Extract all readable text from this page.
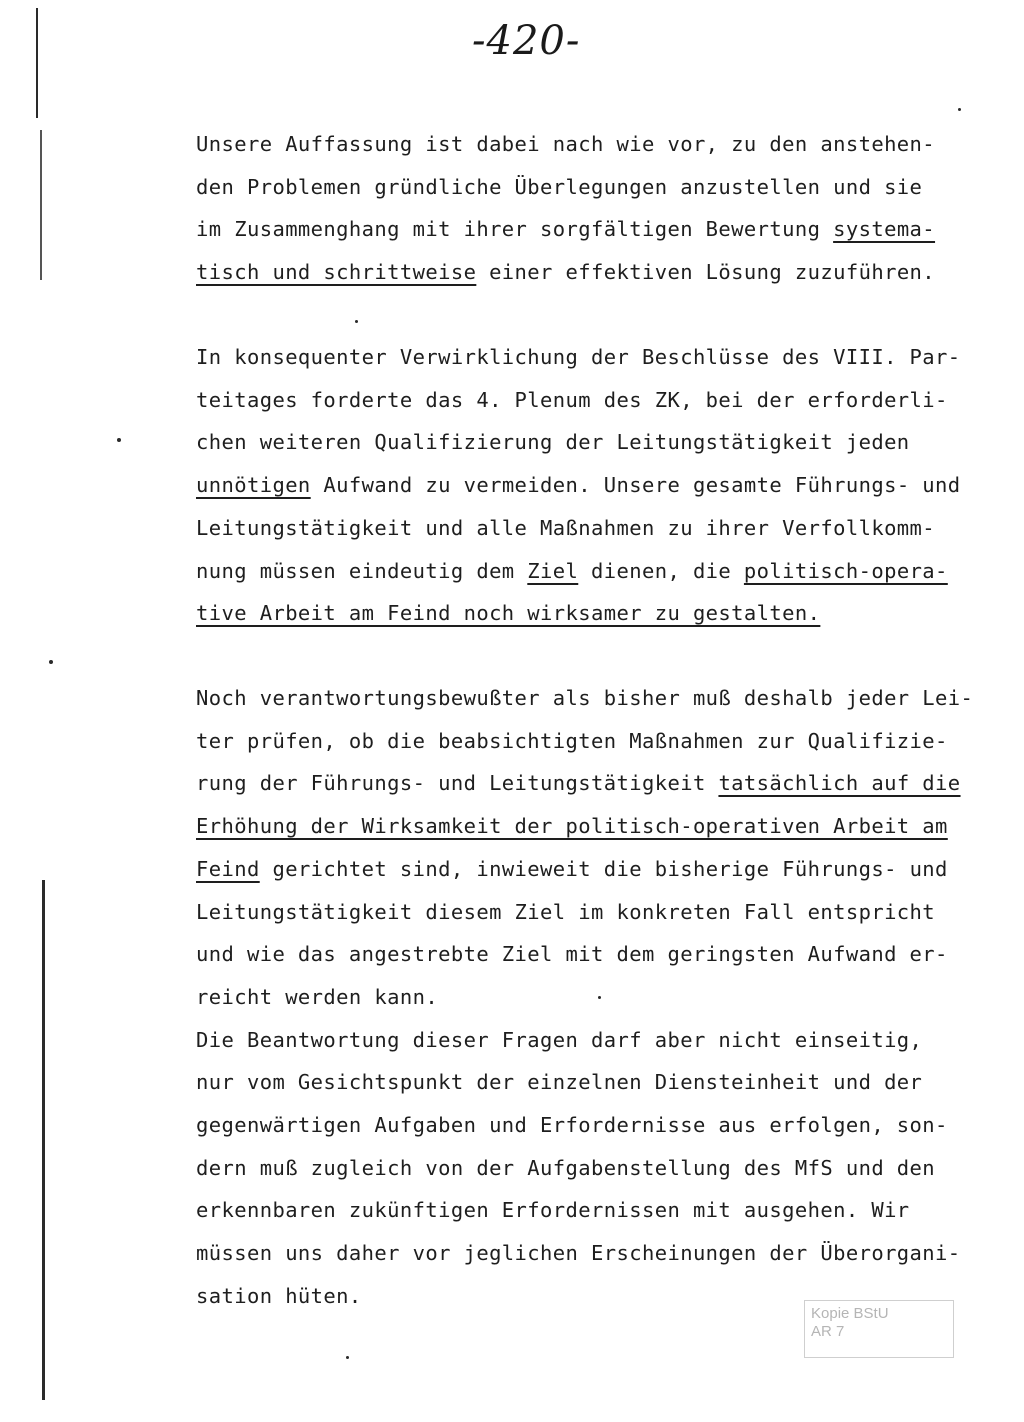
-420-
Unsere Auffassung ist dabei nach wie vor, zu den anstehen-
den Problemen gründliche Überlegungen anzustellen und sie
im Zusammenghang mit ihrer sorgfältigen Bewertung systema-
tisch und schrittweise einer effektiven Lösung zuzuführen.
In konsequenter Verwirklichung der Beschlüsse des VIII. Par-
teitages forderte das 4. Plenum des ZK, bei der erforderli-
chen weiteren Qualifizierung der Leitungstätigkeit jeden
unnötigen Aufwand zu vermeiden. Unsere gesamte Führungs- und
Leitungstätigkeit und alle Maßnahmen zu ihrer Verfollkomm-
nung müssen eindeutig dem Ziel dienen, die politisch-opera-
tive Arbeit am Feind noch wirksamer zu gestalten.
Noch verantwortungsbewußter als bisher muß deshalb jeder Lei-
ter prüfen, ob die beabsichtigten Maßnahmen zur Qualifizie-
rung der Führungs- und Leitungstätigkeit tatsächlich auf die
Erhöhung der Wirksamkeit der politisch-operativen Arbeit am
Feind gerichtet sind, inwieweit die bisherige Führungs- und
Leitungstätigkeit diesem Ziel im konkreten Fall entspricht
und wie das angestrebte Ziel mit dem geringsten Aufwand er-
reicht werden kann.
Die Beantwortung dieser Fragen darf aber nicht einseitig,
nur vom Gesichtspunkt der einzelnen Diensteinheit und der
gegenwärtigen Aufgaben und Erfordernisse aus erfolgen, son-
dern muß zugleich von der Aufgabenstellung des MfS und den
erkennbaren zukünftigen Erfordernissen mit ausgehen. Wir
müssen uns daher vor jeglichen Erscheinungen der Überorgani-
sation hüten.
Kopie BStU
AR 7
